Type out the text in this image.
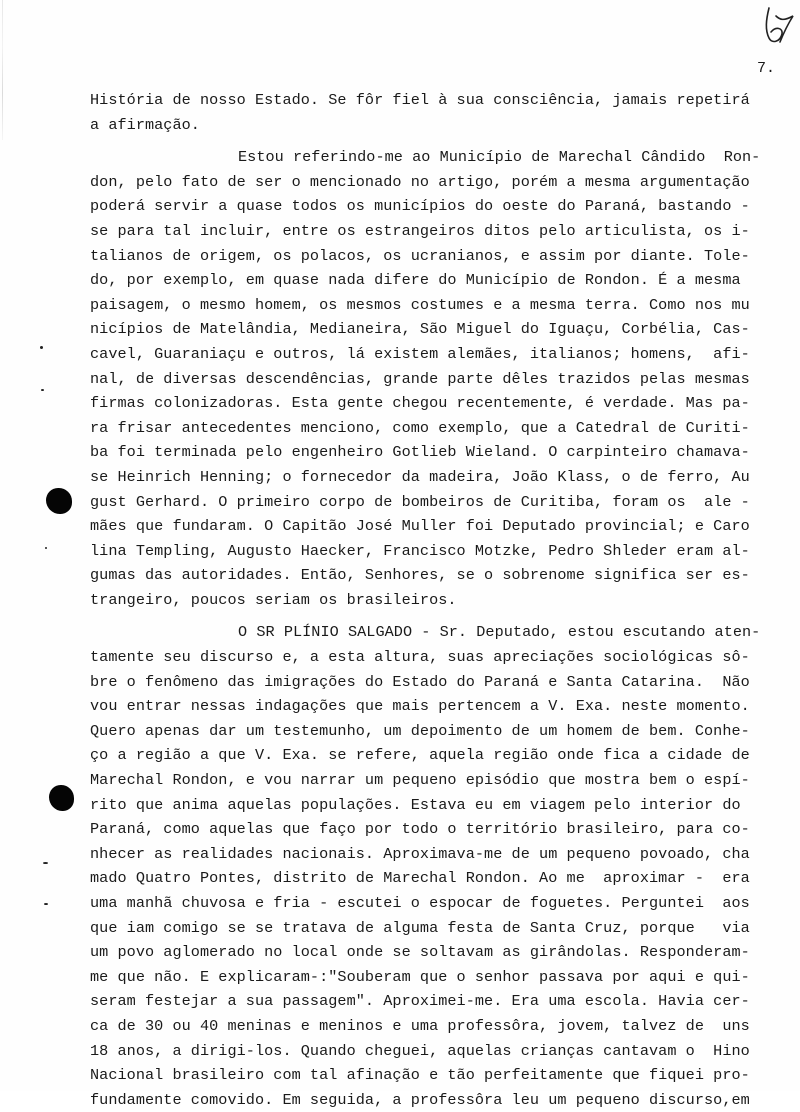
7.
História de nosso Estado. Se fôr fiel à sua consciência, jamais repetirá
a afirmação.
Estou referindo-me ao Município de Marechal Cândido  Ron-
don, pelo fato de ser o mencionado no artigo, porém a mesma argumentação
poderá servir a quase todos os municípios do oeste do Paraná, bastando -
se para tal incluir, entre os estrangeiros ditos pelo articulista, os i-
talianos de origem, os polacos, os ucranianos, e assim por diante. Tole-
do, por exemplo, em quase nada difere do Município de Rondon. É a mesma
paisagem, o mesmo homem, os mesmos costumes e a mesma terra. Como nos mu
nicípios de Matelândia, Medianeira, São Miguel do Iguaçu, Corbélia, Cas-
cavel, Guaraniaçu e outros, lá existem alemães, italianos; homens,  afi-
nal, de diversas descendências, grande parte dêles trazidos pelas mesmas
firmas colonizadoras. Esta gente chegou recentemente, é verdade. Mas pa-
ra frisar antecedentes menciono, como exemplo, que a Catedral de Curiti-
ba foi terminada pelo engenheiro Gotlieb Wieland. O carpinteiro chamava-
se Heinrich Henning; o fornecedor da madeira, João Klass, o de ferro, Au
gust Gerhard. O primeiro corpo de bombeiros de Curitiba, foram os  ale -
mães que fundaram. O Capitão José Muller foi Deputado provincial; e Caro
lina Templing, Augusto Haecker, Francisco Motzke, Pedro Shleder eram al-
gumas das autoridades. Então, Senhores, se o sobrenome significa ser es-
trangeiro, poucos seriam os brasileiros.
O SR PLÍNIO SALGADO - Sr. Deputado, estou escutando aten-
tamente seu discurso e, a esta altura, suas apreciações sociológicas sô-
bre o fenômeno das imigrações do Estado do Paraná e Santa Catarina.  Não
vou entrar nessas indagações que mais pertencem a V. Exa. neste momento.
Quero apenas dar um testemunho, um depoimento de um homem de bem. Conhe-
ço a região a que V. Exa. se refere, aquela região onde fica a cidade de
Marechal Rondon, e vou narrar um pequeno episódio que mostra bem o espí-
rito que anima aquelas populações. Estava eu em viagem pelo interior do
Paraná, como aquelas que faço por todo o território brasileiro, para co-
nhecer as realidades nacionais. Aproximava-me de um pequeno povoado, cha
mado Quatro Pontes, distrito de Marechal Rondon. Ao me  aproximar -  era
uma manhã chuvosa e fria - escutei o espocar de foguetes. Perguntei  aos
que iam comigo se se tratava de alguma festa de Santa Cruz, porque   via
um povo aglomerado no local onde se soltavam as girândolas. Responderam-
me que não. E explicaram-:"Souberam que o senhor passava por aqui e qui-
seram festejar a sua passagem". Aproximei-me. Era uma escola. Havia cer-
ca de 30 ou 40 meninas e meninos e uma professôra, jovem, talvez de  uns
18 anos, a dirigi-los. Quando cheguei, aquelas crianças cantavam o  Hino
Nacional brasileiro com tal afinação e tão perfeitamente que fiquei pro-
fundamente comovido. Em seguida, a professôra leu um pequeno discurso,em
